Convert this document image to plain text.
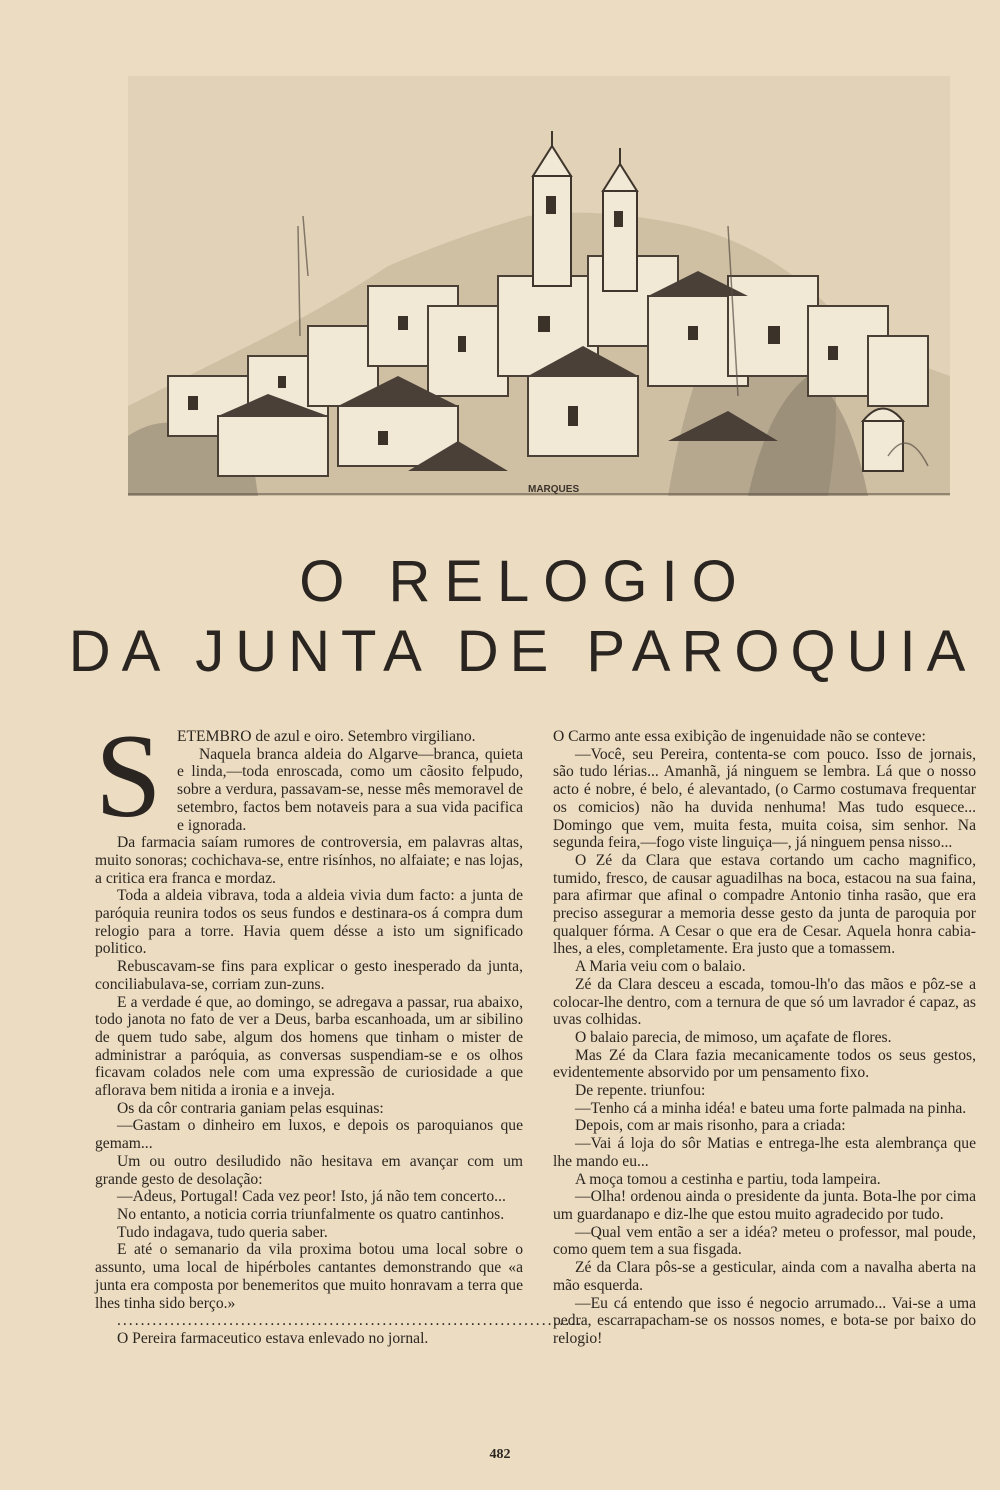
MARQUES
O RELOGIO
DA JUNTA DE PAROQUIA
S ETEMBRO de azul e oiro. Setembro virgiliano.

Naquela branca aldeia do Algarve—branca, quieta e linda,—toda enroscada, como um cãosito felpudo, sobre a verdura, passavam-se, nesse mês memoravel de setembro, factos bem notaveis para a sua vida pacifica e ignorada.

Da farmacia saíam rumores de controversia, em palavras altas, muito sonoras; cochichava-se, entre risínhos, no alfaiate; e nas lojas, a critica era franca e mordaz.

Toda a aldeia vibrava, toda a aldeia vivia dum facto: a junta de paróquia reunira todos os seus fundos e destinara-os á compra dum relogio para a torre. Havia quem désse a isto um significado politico.

Rebuscavam-se fins para explicar o gesto inesperado da junta, conciliabulava-se, corriam zun-zuns.

E a verdade é que, ao domingo, se adregava a passar, rua abaixo, todo janota no fato de ver a Deus, barba escanhoada, um ar sibilino de quem tudo sabe, algum dos homens que tinham o mister de administrar a paróquia, as conversas suspendiam-se e os olhos ficavam colados nele com uma expressão de curiosidade a que aflorava bem nitida a ironia e a inveja.

Os da côr contraria ganiam pelas esquinas:

—Gastam o dinheiro em luxos, e depois os paroquianos que gemam...

Um ou outro desiludido não hesitava em avançar com um grande gesto de desolação:

—Adeus, Portugal! Cada vez peor! Isto, já não tem concerto...

No entanto, a noticia corria triunfalmente os quatro cantinhos.

Tudo indagava, tudo queria saber.

E até o semanario da vila proxima botou uma local sobre o assunto, uma local de hipérboles cantantes demonstrando que «a junta era composta por benemeritos que muito honravam a terra que lhes tinha sido berço.»

...............................................................................

O Pereira farmaceutico estava enlevado no jornal.

O Carmo ante essa exibição de ingenuidade não se conteve:

—Você, seu Pereira, contenta-se com pouco. Isso de jornais, são tudo lérias... Amanhã, já ninguem se lembra. Lá que o nosso acto é nobre, é belo, é alevantado, (o Carmo costumava frequentar os comicios) não ha duvida nenhuma! Mas tudo esquece... Domingo que vem, muita festa, muita coisa, sim senhor. Na segunda feira,—fogo viste linguiça—, já ninguem pensa nisso...

O Zé da Clara que estava cortando um cacho magnifico, tumido, fresco, de causar aguadilhas na boca, estacou na sua faina, para afirmar que afinal o compadre Antonio tinha rasão, que era preciso assegurar a memoria desse gesto da junta de paroquia por qualquer fórma. A Cesar o que era de Cesar. Aquela honra cabia-lhes, a eles, completamente. Era justo que a tomassem.

A Maria veiu com o balaio.

Zé da Clara desceu a escada, tomou-lh'o das mãos e pôz-se a colocar-lhe dentro, com a ternura de que só um lavrador é capaz, as uvas colhidas.

O balaio parecia, de mimoso, um açafate de flores.

Mas Zé da Clara fazia mecanicamente todos os seus gestos, evidentemente absorvido por um pensamento fixo.

De repente. triunfou:

—Tenho cá a minha idéa! e bateu uma forte palmada na pinha.

Depois, com ar mais risonho, para a criada:

—Vai á loja do sôr Matias e entrega-lhe esta alembrança que lhe mando eu...

A moça tomou a cestinha e partiu, toda lampeira.

—Olha! ordenou ainda o presidente da junta. Bota-lhe por cima um guardanapo e diz-lhe que estou muito agradecido por tudo.

—Qual vem então a ser a idéa? meteu o professor, mal poude, como quem tem a sua fisgada.

Zé da Clara pôs-se a gesticular, ainda com a navalha aberta na mão esquerda.

—Eu cá entendo que isso é negocio arrumado... Vai-se a uma pedra, escarrapacham-se os nossos nomes, e bota-se por baixo do relogio!

482
